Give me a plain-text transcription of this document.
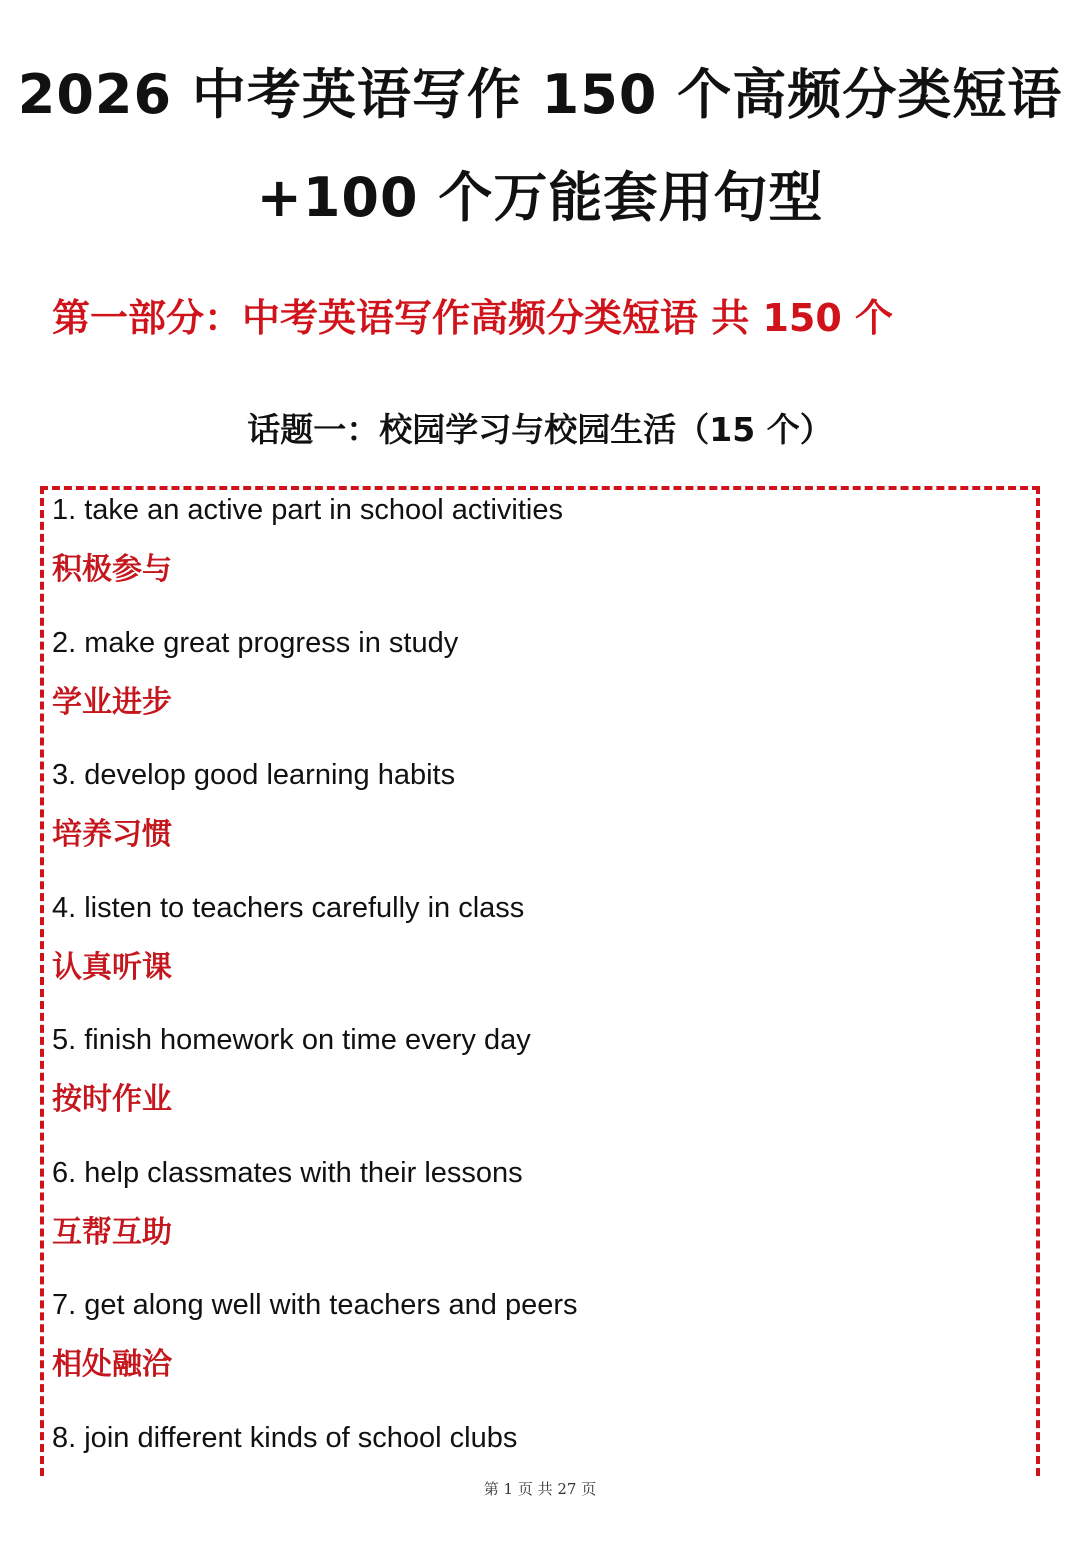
2026 中考英语写作 150 个高频分类短语
+100 个万能套用句型
第一部分：中考英语写作高频分类短语 共 150 个
话题一：校园学习与校园生活（15 个）
1. take an active part in school activities
积极参与
2. make great progress in study
学业进步
3. develop good learning habits
培养习惯
4. listen to teachers carefully in class
认真听课
5. finish homework on time every day
按时作业
6. help classmates with their lessons
互帮互助
7. get along well with teachers and peers
相处融洽
8. join different kinds of school clubs
第 1 页 共 27 页
